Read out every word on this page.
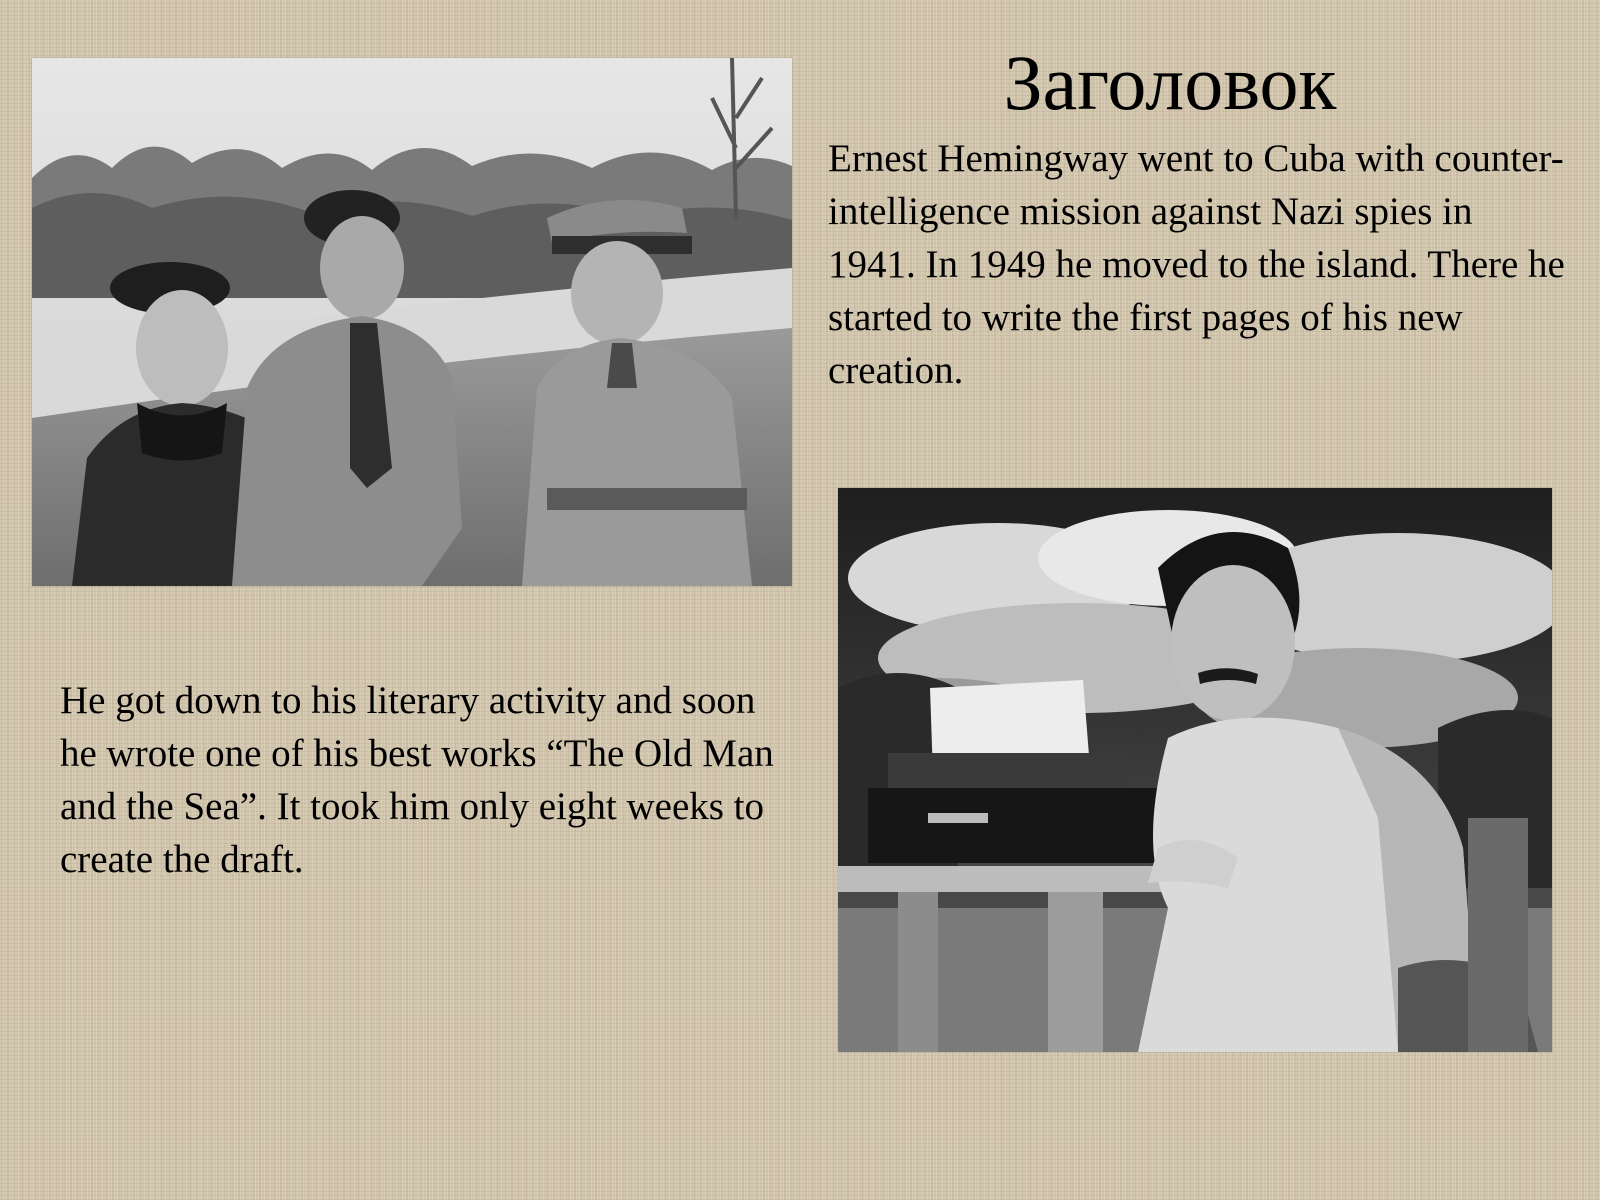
Заголовок

Ernest Hemingway went to Cuba with counter-intelligence mission against Nazi spies in 1941. In 1949 he moved to the island. There he started to write the first pages of his new creation.

He got down to his literary activity and soon he wrote one of his best works “The Old Man and the Sea”. It took him only eight weeks to create the draft.
